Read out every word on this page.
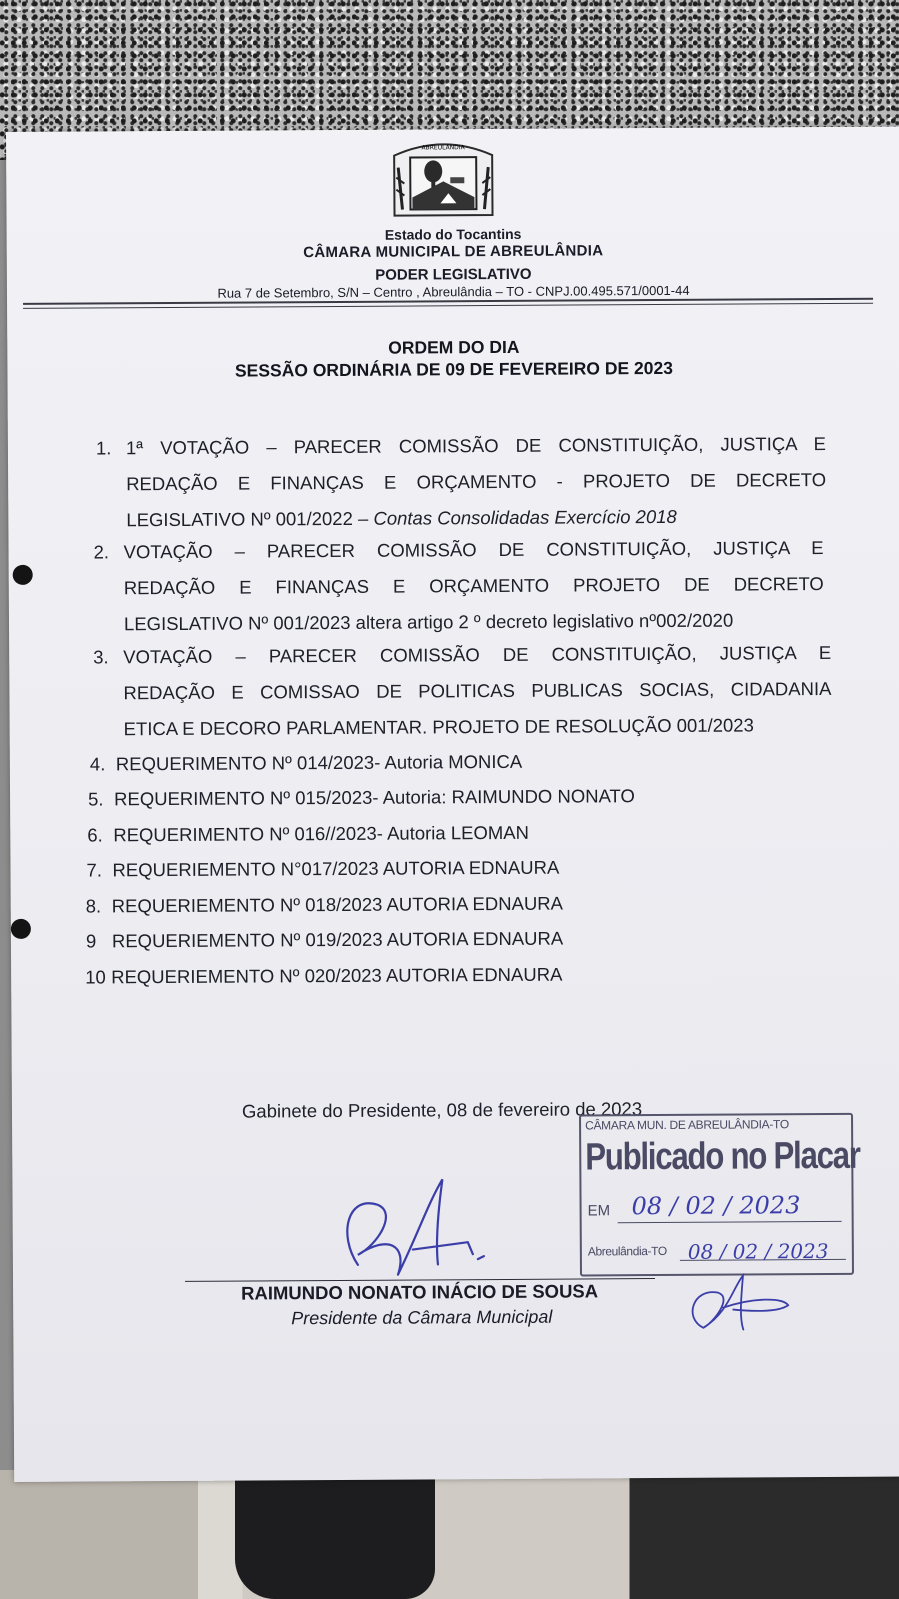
ABREULÂNDIA
Estado do Tocantins
CÂMARA MUNICIPAL DE ABREULÂNDIA
PODER LEGISLATIVO
Rua 7 de Setembro, S/N – Centro , Abreulândia – TO - CNPJ.00.495.571/0001-44
ORDEM DO DIA
SESSÃO ORDINÁRIA DE 09 DE FEVEREIRO DE 2023
1. 1ª VOTAÇÃO – PARECER COMISSÃO DE CONSTITUIÇÃO, JUSTIÇA E
REDAÇÃO E FINANÇAS E ORÇAMENTO - PROJETO DE DECRETO
LEGISLATIVO Nº 001/2022 – Contas Consolidadas Exercício 2018
2. VOTAÇÃO – PARECER COMISSÃO DE CONSTITUIÇÃO, JUSTIÇA E
REDAÇÃO E FINANÇAS E ORÇAMENTO PROJETO DE DECRETO
LEGISLATIVO Nº 001/2023 altera artigo 2 º decreto legislativo nº002/2020
3. VOTAÇÃO – PARECER COMISSÃO DE CONSTITUIÇÃO, JUSTIÇA E
REDAÇÃO E COMISSAO DE POLITICAS PUBLICAS SOCIAS, CIDADANIA
ETICA E DECORO PARLAMENTAR. PROJETO DE RESOLUÇÃO 001/2023
4. REQUERIMENTO Nº 014/2023- Autoria MONICA
5. REQUERIMENTO Nº 015/2023- Autoria: RAIMUNDO NONATO
6. REQUERIMENTO Nº 016//2023- Autoria LEOMAN
7. REQUERIEMENTO N°017/2023 AUTORIA EDNAURA
8. REQUERIEMENTO Nº 018/2023 AUTORIA EDNAURA
9 REQUERIEMENTO Nº 019/2023 AUTORIA EDNAURA
10 REQUERIEMENTO Nº 020/2023 AUTORIA EDNAURA
Gabinete do Presidente, 08 de fevereiro de 2023
RAIMUNDO NONATO INÁCIO DE SOUSA
Presidente da Câmara Municipal
CÂMARA MUN. DE ABREULÂNDIA-TO
Publicado no Placar
EM 08 / 02 / 2023
Abreulândia-TO 08 / 02 / 2023
